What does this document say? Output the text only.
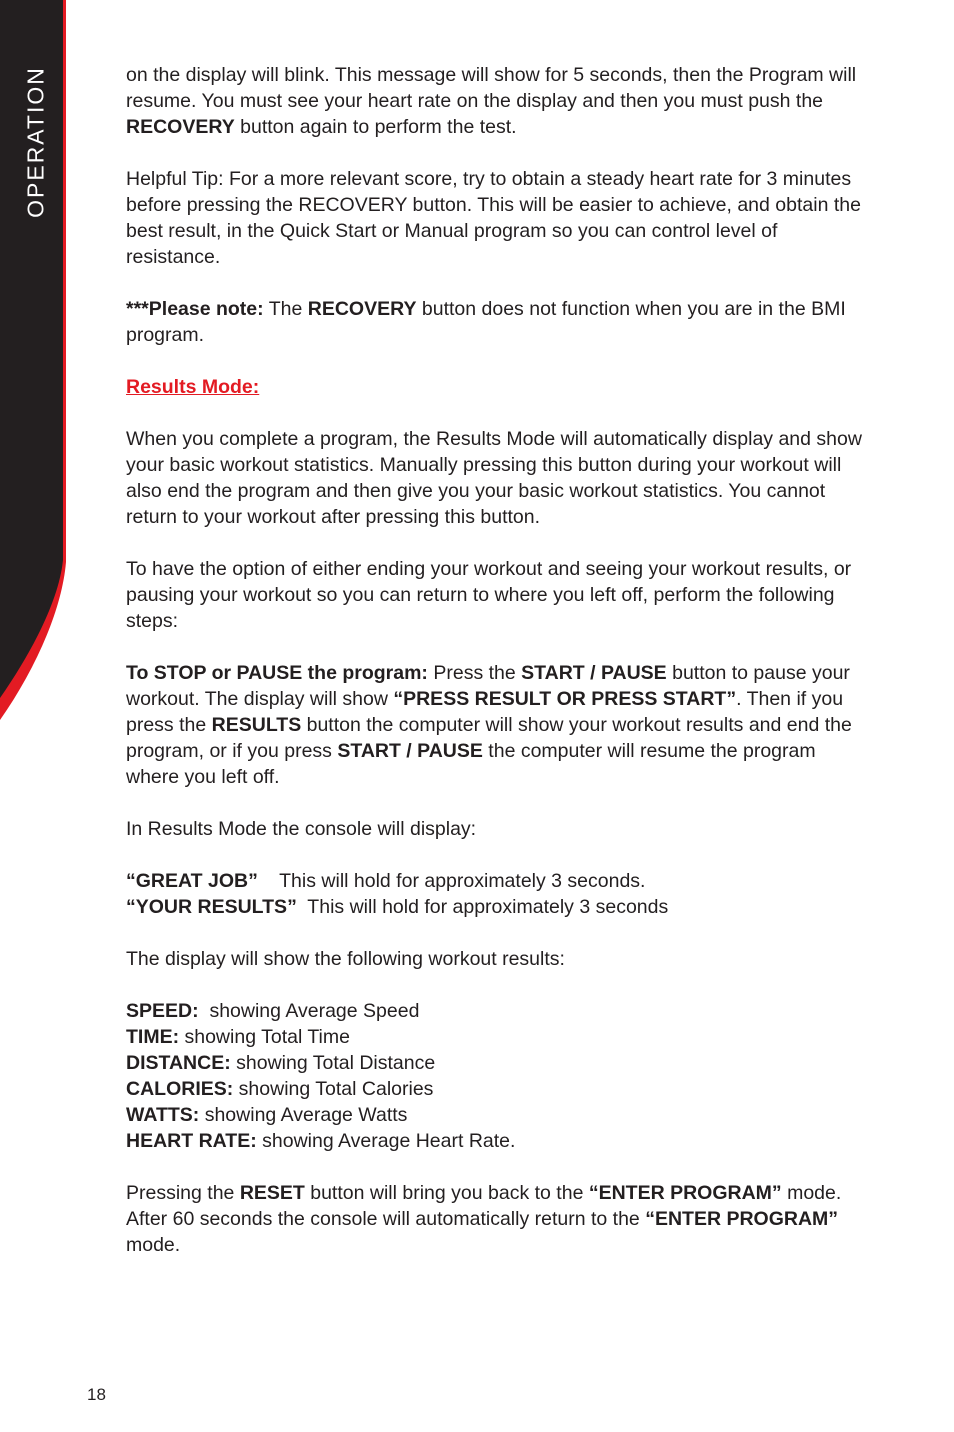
OPERATION	on the display will blink. This message will show for 5 seconds, then the Program will resume. You must see your heart rate on the display and then you must push the RECOVERY button again to perform the test.

Helpful Tip: For a more relevant score, try to obtain a steady heart rate for 3 minutes before pressing the RECOVERY button. This will be easier to achieve, and obtain the best result, in the Quick Start or Manual program so you can control level of resistance.

***Please note: The RECOVERY button does not function when you are in the BMI program.

Results Mode:

When you complete a program, the Results Mode will automatically display and show your basic workout statistics. Manually pressing this button during your workout will also end the program and then give you your basic workout statistics. You cannot return to your workout after pressing this button.

To have the option of either ending your workout and seeing your workout results, or pausing your workout so you can return to where you left off, perform the following steps:

To STOP or PAUSE the program: Press the START / PAUSE button to pause your workout. The display will show “PRESS RESULT OR PRESS START”. Then if you press the RESULTS button the computer will show your workout results and end the program, or if you press START / PAUSE the computer will resume the program where you left off.

In Results Mode the console will display:

“GREAT JOB”    This will hold for approximately 3 seconds.

“YOUR RESULTS”  This will hold for approximately 3 seconds

The display will show the following workout results:

SPEED:  showing Average Speed

TIME: showing Total Time

DISTANCE: showing Total Distance

CALORIES: showing Total Calories

WATTS: showing Average Watts

HEART RATE: showing Average Heart Rate.

Pressing the RESET button will bring you back to the “ENTER PROGRAM” mode. After 60 seconds the console will automatically return to the “ENTER PROGRAM” mode.

18
